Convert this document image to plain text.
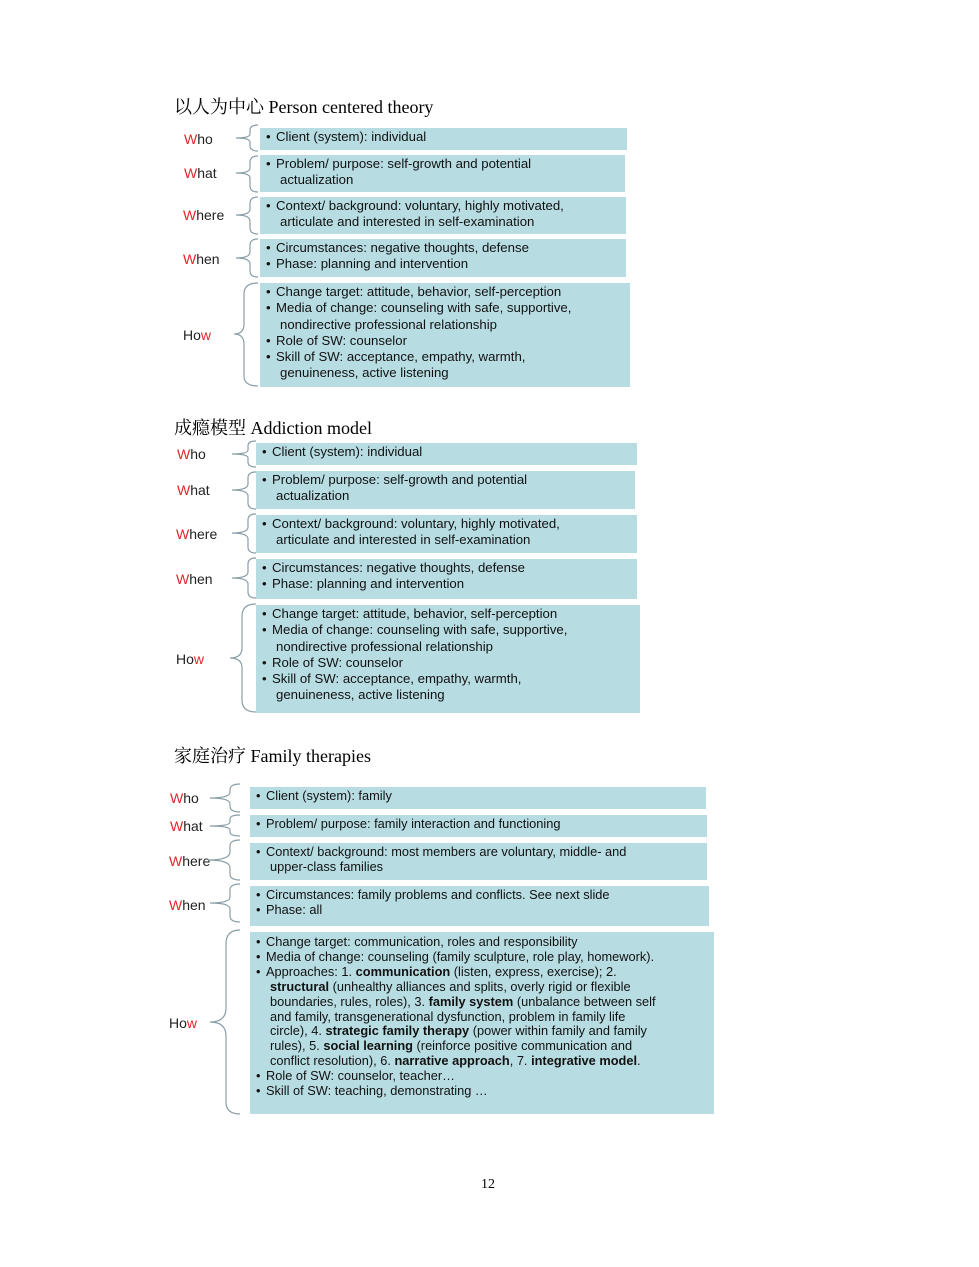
以人为中心 Person centered theory
Who
What
Where
When
How
• Client (system): individual
• Problem/ purpose: self-growth and potential
actualization
• Context/ background: voluntary, highly motivated,
articulate and interested in self-examination
• Circumstances: negative thoughts, defense
• Phase: planning and intervention
• Change target: attitude, behavior, self-perception
• Media of change: counseling with safe, supportive,
nondirective professional relationship
• Role of SW: counselor
• Skill of SW: acceptance, empathy, warmth,
genuineness, active listening
成瘾模型 Addiction model
Who
What
Where
When
How
• Client (system): individual
• Problem/ purpose: self-growth and potential
actualization
• Context/ background: voluntary, highly motivated,
articulate and interested in self-examination
• Circumstances: negative thoughts, defense
• Phase: planning and intervention
• Change target: attitude, behavior, self-perception
• Media of change: counseling with safe, supportive,
nondirective professional relationship
• Role of SW: counselor
• Skill of SW: acceptance, empathy, warmth,
genuineness, active listening
家庭治疗 Family therapies
Who
What
Where
When
How
• Client (system): family
• Problem/ purpose: family interaction and functioning
• Context/ background: most members are voluntary, middle- and
upper-class families
• Circumstances: family problems and conflicts. See next slide
• Phase: all
• Change target: communication, roles and responsibility
• Media of change: counseling (family sculpture, role play, homework).
• Approaches: 1. communication (listen, express, exercise); 2.
structural (unhealthy alliances and splits, overly rigid or flexible
boundaries, rules, roles), 3. family system (unbalance between self
and family, transgenerational dysfunction, problem in family life
circle), 4. strategic family therapy (power within family and family
rules), 5. social learning (reinforce positive communication and
conflict resolution), 6. narrative approach, 7. integrative model.
• Role of SW: counselor, teacher…
• Skill of SW: teaching, demonstrating …
12
